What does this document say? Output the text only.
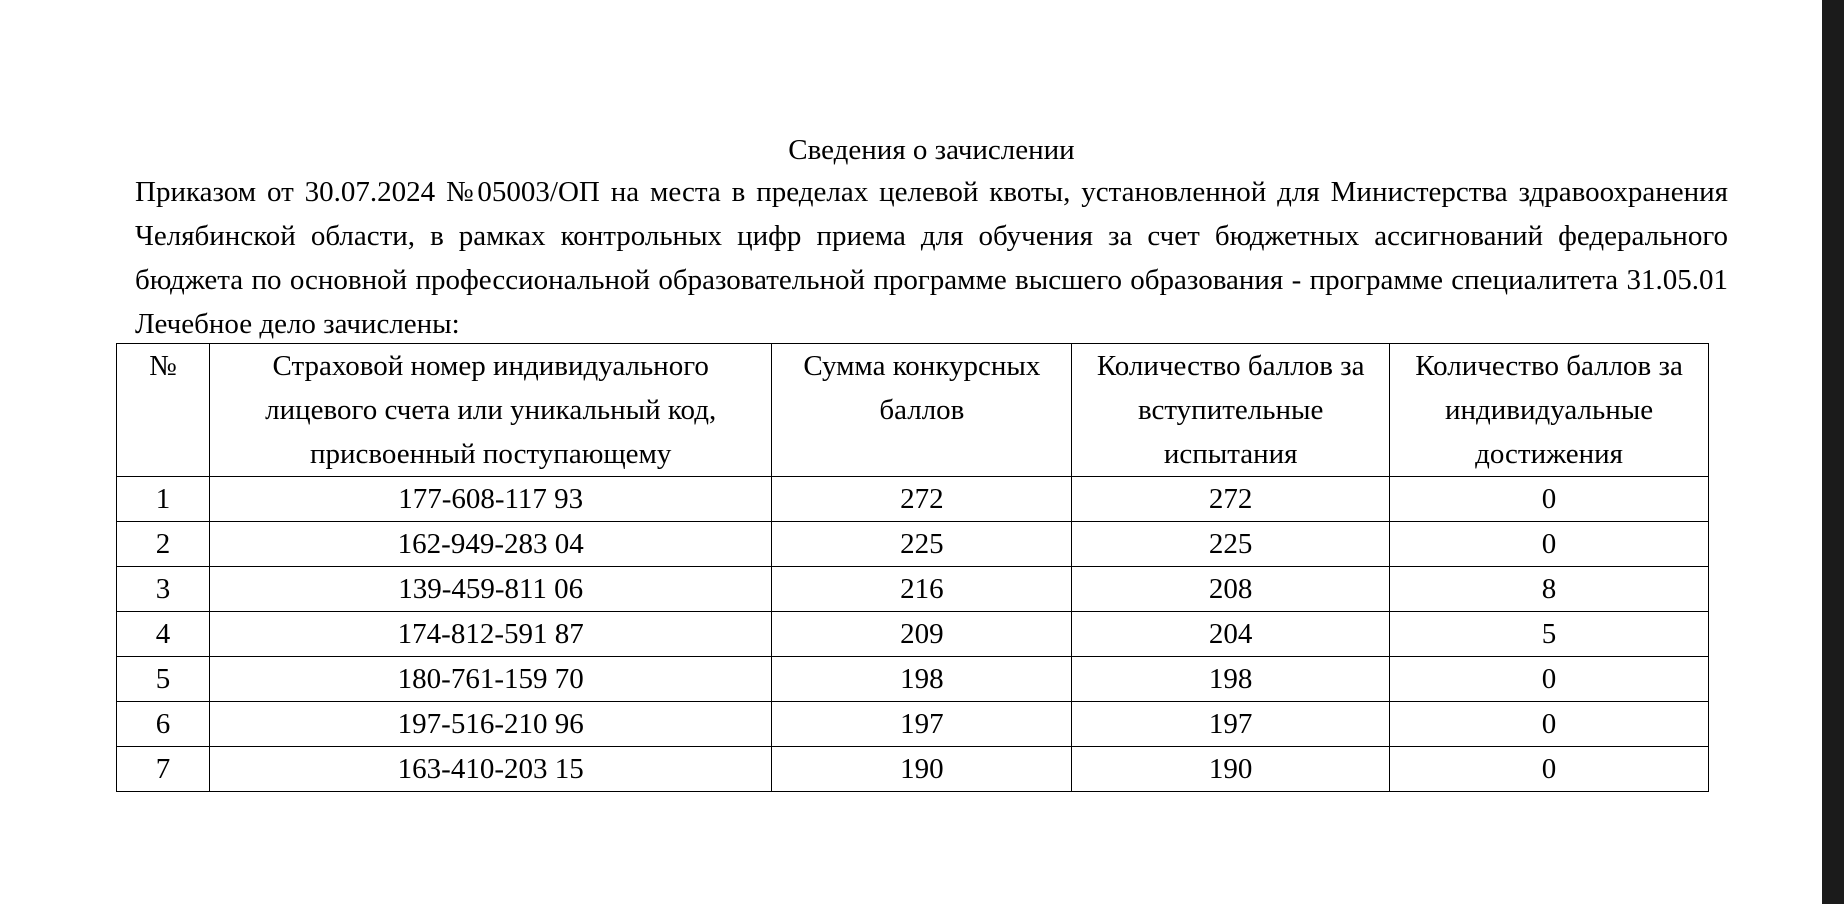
Сведения о зачислении

Приказом от 30.07.2024 №05003/ОП на места в пределах целевой квоты, установленной для Министерства здравоохранения Челябинской области, в рамках контрольных цифр приема для обучения за счет бюджетных ассигнований федерального бюджета по основной профессиональной образовательной программе высшего образования - программе специалитета 31.05.01 Лечебное дело зачислены:

№	Страховой номер индивидуального лицевого счета или уникальный код, присвоенный поступающему	Сумма конкурсных баллов	Количество баллов за вступительные испытания	Количество баллов за индивидуальные достижения
1	177-608-117 93	272	272	0
2	162-949-283 04	225	225	0
3	139-459-811 06	216	208	8
4	174-812-591 87	209	204	5
5	180-761-159 70	198	198	0
6	197-516-210 96	197	197	0
7	163-410-203 15	190	190	0
